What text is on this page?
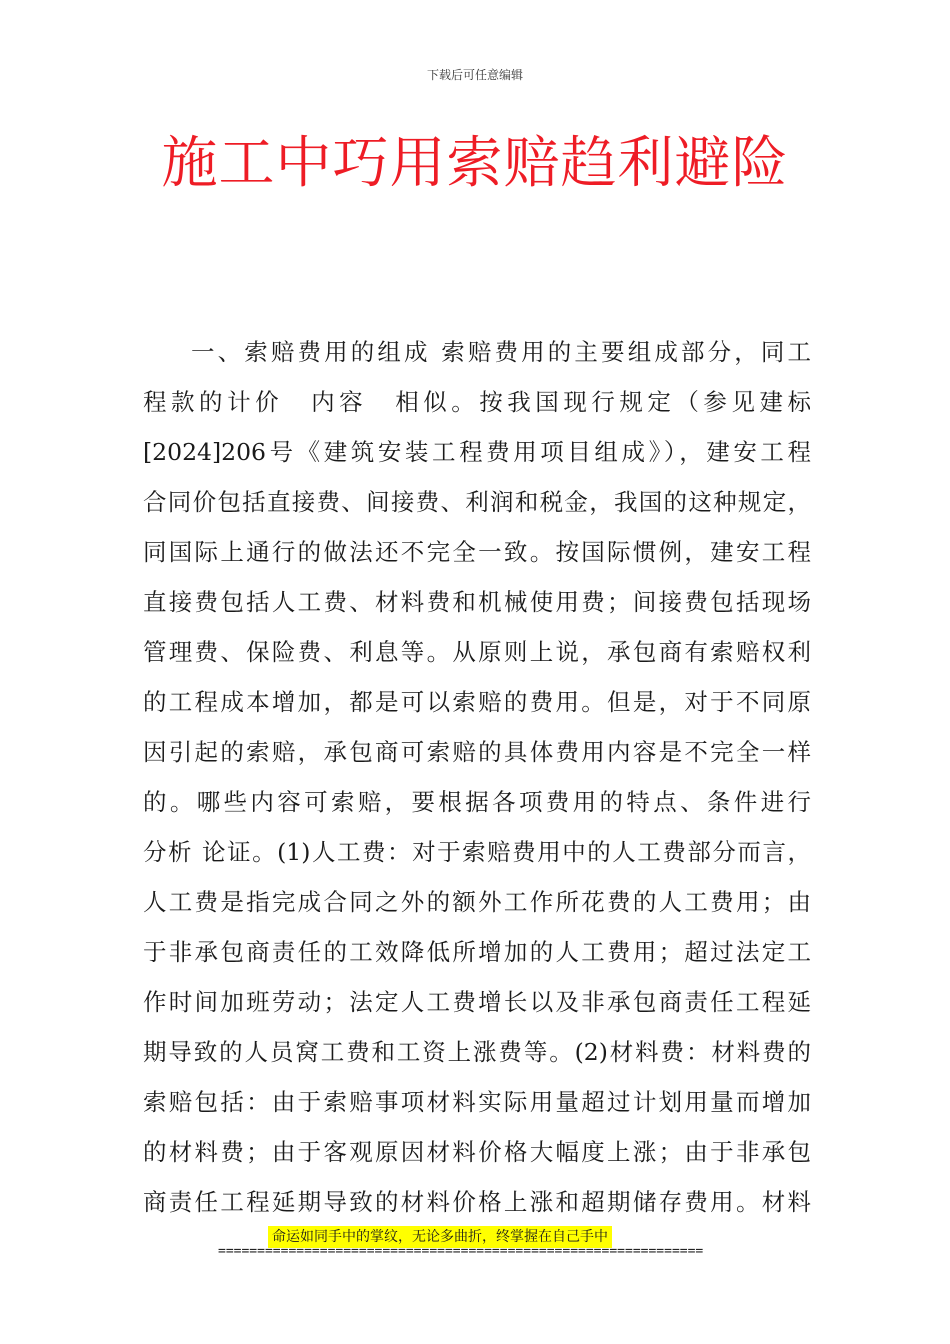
下载后可任意编辑
施工中巧用索赔趋利避险
一、索赔费用的组成 索赔费用的主要组成部分，同工
程款的计价　内容　相似。按我国现行规定（参见建标
[2024]206号《建筑安装工程费用项目组成》），建安工程
合同价包括直接费、间接费、利润和税金，我国的这种规定，
同国际上通行的做法还不完全一致。按国际惯例，建安工程
直接费包括人工费、材料费和机械使用费；间接费包括现场
管理费、保险费、利息等。从原则上说，承包商有索赔权利
的工程成本增加，都是可以索赔的费用。但是，对于不同原
因引起的索赔，承包商可索赔的具体费用内容是不完全一样
的。哪些内容可索赔，要根据各项费用的特点、条件进行
分析 论证。(1)人工费：对于索赔费用中的人工费部分而言，
人工费是指完成合同之外的额外工作所花费的人工费用；由
于非承包商责任的工效降低所增加的人工费用；超过法定工
作时间加班劳动；法定人工费增长以及非承包商责任工程延
期导致的人员窝工费和工资上涨费等。(2)材料费：材料费的
索赔包括：由于索赔事项材料实际用量超过计划用量而增加
的材料费；由于客观原因材料价格大幅度上涨；由于非承包
商责任工程延期导致的材料价格上涨和超期储存费用。材料
命运如同手中的掌纹，无论多曲折，终掌握在自己手中
==============================================================
